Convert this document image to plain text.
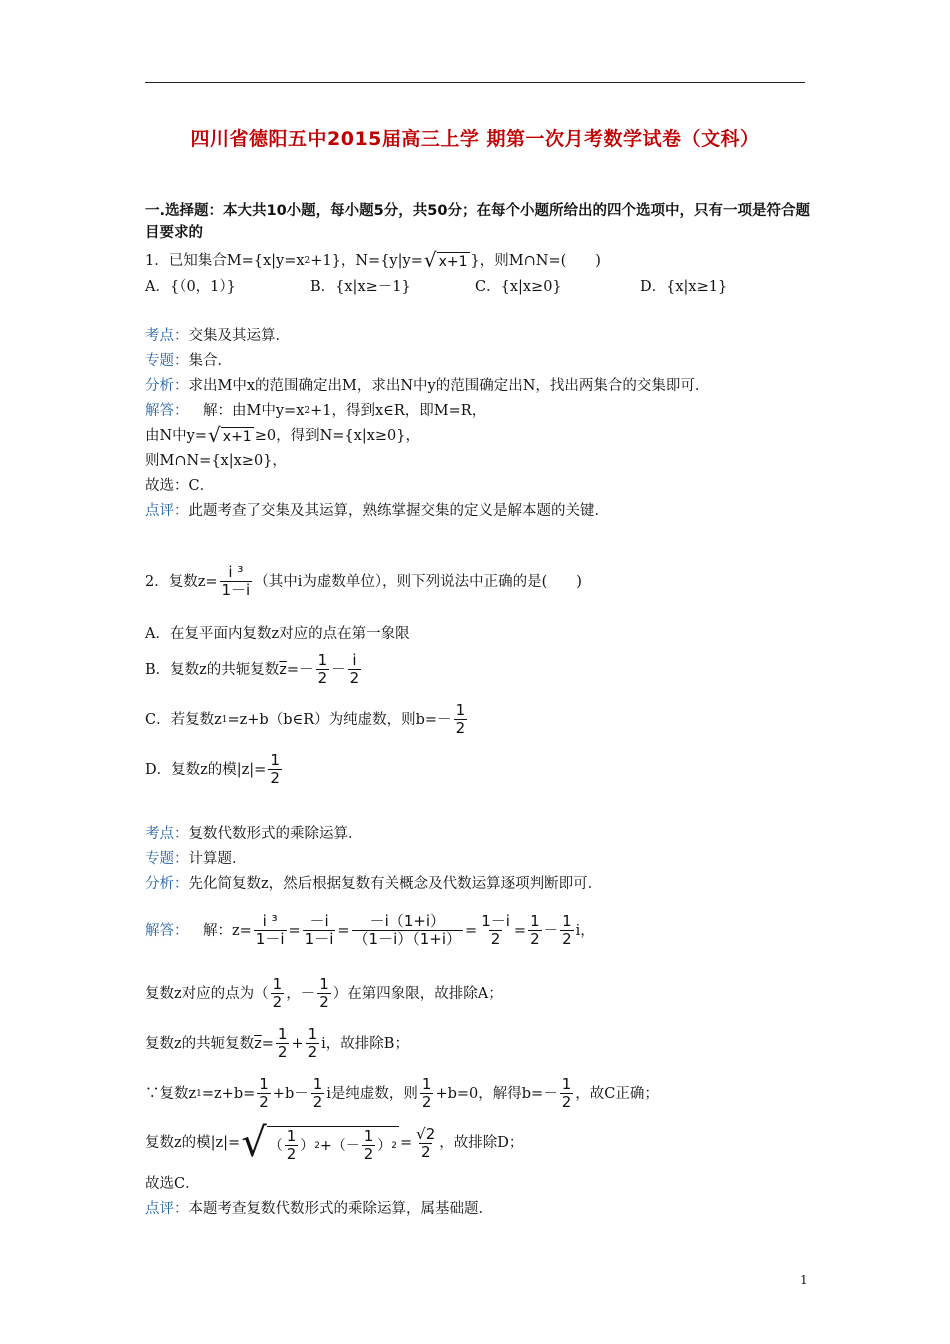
四川省德阳五中2015届高三上学 期第一次月考数学试卷（文科）
一.选择题：本大共10小题，每小题5分，共50分；在每个小题所给出的四个选项中，只有一项是符合题目要求的
1．已知集合M={x|y=x 2 +1}，N={y|y= √ x+1 }，则M∩N=(　　)
A．{（0，1）}	B．{x|x≥－1}	C．{x|x≥0}	D．{x|x≥1}
考点： 交集及其运算．
专题： 集合．
分析： 求出M中x的范围确定出M，求出N中y的范围确定出N，找出两集合的交集即可．
解答： 　解：由M中y=x 2 +1，得到x∈R，即M=R，
由N中y= √ x+1 ≥0，得到N={x|x≥0}，
则M∩N={x|x≥0}，
故选：C．
点评： 此题考查了交集及其运算，熟练掌握交集的定义是解本题的关键．
2．复数$z= \frac{\text{i ³}}{1-i}$ （其中i为虚数单位），则下列说法中正确的是(　　)
A．在复平面内复数z对应的点在第一象限
B．复数z的共轭复数 $\overline{z} =- \frac{1}{2} - \frac{i}{2}$
C．若复数z 1 =z+b（b∈R）为纯虚数，则$b=- \frac{1}{2}$
D．复数z的模$|z|= \frac{1}{2}$
考点： 复数代数形式的乘除运算．
专题： 计算题．
分析： 先化简复数z，然后根据复数有关概念及代数运算逐项判断即可．
解答： 　解：$z= \frac{\text{i ³}}{1-i} = \frac{-i}{1-i} = \frac{-i(1+i)}{(1-i)(1+i)} = \frac{1-i}{2} = \frac{1}{2} - \frac{1}{2}$ i，
复数z对应的点为（ $\frac{1}{2}$ ，－ $\frac{1}{2}$ ）在第四象限，故排除A；
复数z的共轭复数 $\overline{z} = \frac{1}{2} + \frac{1}{2}$ i，故排除B；
∵复数z $1 =z+b= \frac{1}{2} +b- \frac{1}{2}$ i是纯虚数，则 $\frac{1}{2} +b=0$，解得$b=- \frac{1}{2}$ ，故C正确；
复数z的模|z|= √ （ $\frac{1}{2}$ ） 2 +（－ $\frac{1}{2}$ ） $2 = \frac{√2}{2}$ ，故排除D；
故选C．
点评： 本题考查复数代数形式的乘除运算，属基础题．
1
